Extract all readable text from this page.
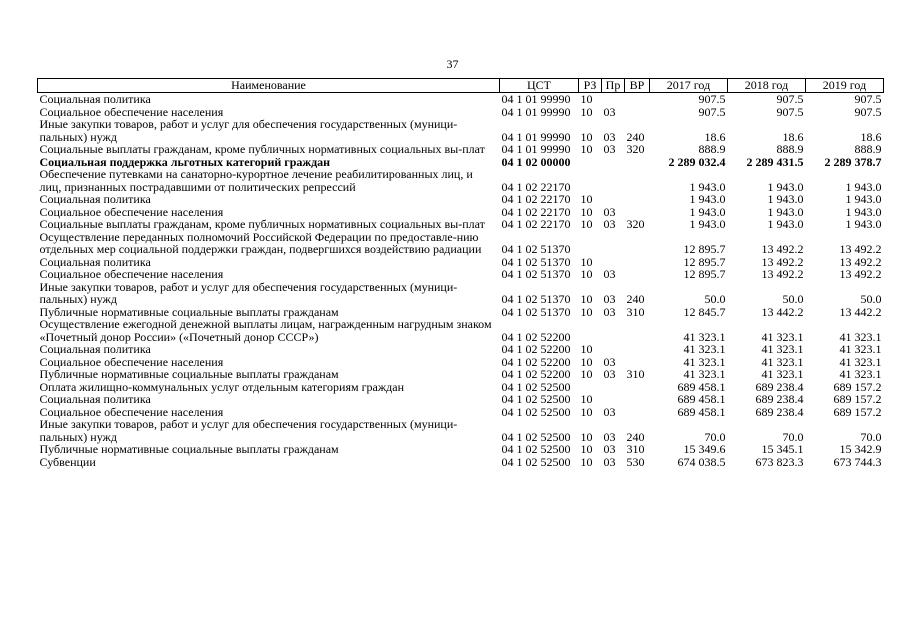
37
Наименование	ЦСТ	РЗ	Пр	ВР	2017 год	2018 год	2019 год
Социальная политика	04 1 01 99990	10			907.5	907.5	907.5
Социальное обеспечение населения	04 1 01 99990	10	03		907.5	907.5	907.5
Иные закупки товаров, работ и услуг для обеспечения государственных (муници-пальных) нужд	04 1 01 99990	10	03	240	18.6	18.6	18.6
Социальные выплаты гражданам, кроме публичных нормативных социальных вы-плат	04 1 01 99990	10	03	320	888.9	888.9	888.9
Социальная поддержка льготных категорий граждан	04 1 02 00000				2 289 032.4	2 289 431.5	2 289 378.7
Обеспечение путевками на санаторно-курортное лечение реабилитированных лиц, и лиц, признанных пострадавшими от политических репрессий	04 1 02 22170				1 943.0	1 943.0	1 943.0
Социальная политика	04 1 02 22170	10			1 943.0	1 943.0	1 943.0
Социальное обеспечение населения	04 1 02 22170	10	03		1 943.0	1 943.0	1 943.0
Социальные выплаты гражданам, кроме публичных нормативных социальных вы-плат	04 1 02 22170	10	03	320	1 943.0	1 943.0	1 943.0
Осуществление переданных полномочий Российской Федерации по предоставле-нию отдельных мер социальной поддержки граждан, подвергшихся воздействию радиации	04 1 02 51370				12 895.7	13 492.2	13 492.2
Социальная политика	04 1 02 51370	10			12 895.7	13 492.2	13 492.2
Социальное обеспечение населения	04 1 02 51370	10	03		12 895.7	13 492.2	13 492.2
Иные закупки товаров, работ и услуг для обеспечения государственных (муници-пальных) нужд	04 1 02 51370	10	03	240	50.0	50.0	50.0
Публичные нормативные социальные выплаты гражданам	04 1 02 51370	10	03	310	12 845.7	13 442.2	13 442.2
Осуществление ежегодной денежной выплаты лицам, награжденным нагрудным знаком «Почетный донор России» («Почетный донор СССР»)	04 1 02 52200				41 323.1	41 323.1	41 323.1
Социальная политика	04 1 02 52200	10			41 323.1	41 323.1	41 323.1
Социальное обеспечение населения	04 1 02 52200	10	03		41 323.1	41 323.1	41 323.1
Публичные нормативные социальные выплаты гражданам	04 1 02 52200	10	03	310	41 323.1	41 323.1	41 323.1
Оплата жилищно-коммунальных услуг отдельным категориям граждан	04 1 02 52500				689 458.1	689 238.4	689 157.2
Социальная политика	04 1 02 52500	10			689 458.1	689 238.4	689 157.2
Социальное обеспечение населения	04 1 02 52500	10	03		689 458.1	689 238.4	689 157.2
Иные закупки товаров, работ и услуг для обеспечения государственных (муници-пальных) нужд	04 1 02 52500	10	03	240	70.0	70.0	70.0
Публичные нормативные социальные выплаты гражданам	04 1 02 52500	10	03	310	15 349.6	15 345.1	15 342.9
Субвенции	04 1 02 52500	10	03	530	674 038.5	673 823.3	673 744.3
